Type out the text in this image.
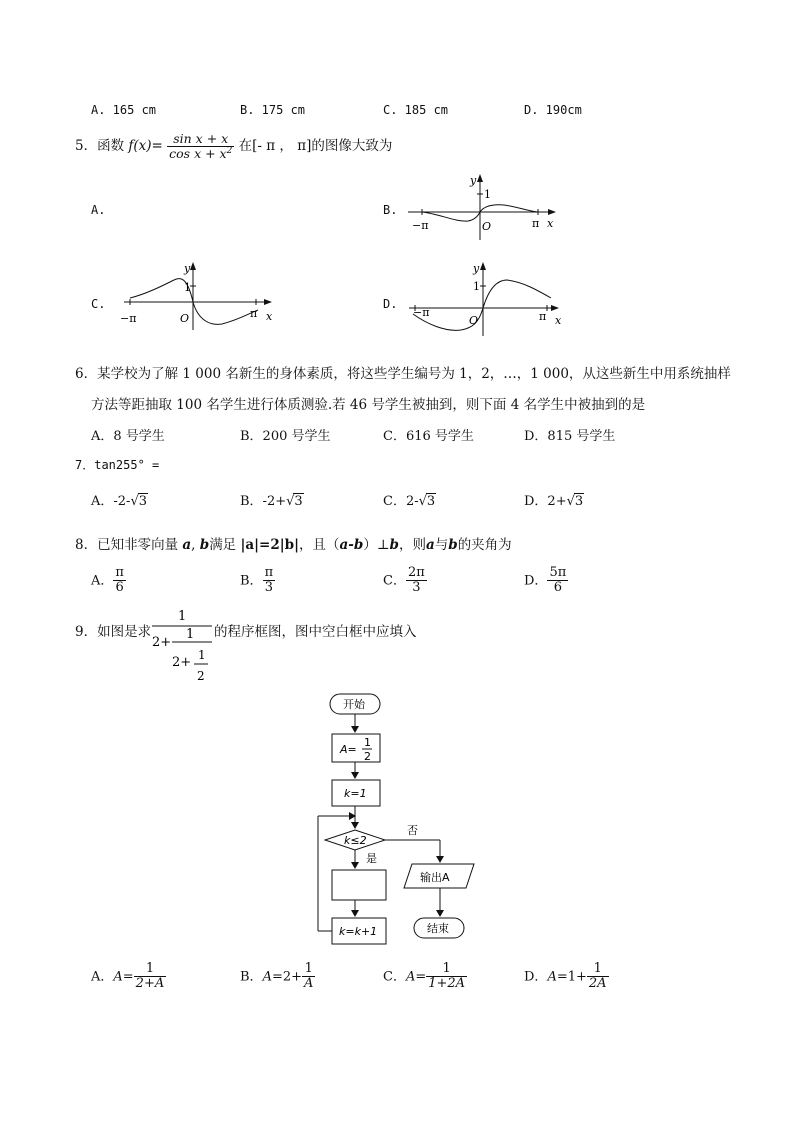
A. 165 cm	B. 175 cm	C. 185 cm	D. 190cm
5．函数 $f(x)= \frac{\text{sin x + x}}{\cos x + x^2}$ 在[- π ， π]的图像大致为
A.	B.
C.	D.
y
1
x
O
−π	π
y
1
x
O
−π	π
y
1
x
O
−π	π
6．某学校为了解 1 000 名新生的身体素质，将这些学生编号为 1，2，…，1 000，从这些新生中用系统抽样
方法等距抽取 100 名学生进行体质测验.若 46 号学生被抽到，则下面 4 名学生中被抽到的是
A．8 号学生	B．200 号学生	C．616 号学生	D．815 号学生
7．tan255° =
A．-2-√3	B．-2+√3	C．2-√3	D．2+√3
8．已知非零向量 a, b满足 |a|=2|b|，且（a-b）⊥b，则a与b的夹角为
A． $\frac{\pi}{6}$	B． $\frac{\pi}{3}$	C． $\frac{2\pi}{3}$	D． $\frac{5\pi}{6}$
9．如图是求
1
2+
1
2+ 1
2
的程序框图，图中空白框中应填入
开始
A=
1
2
k=1
k≤2
否
输出A
结束
是
k=k+1
A．$A= \frac{1}{2+A}$	B．$A=2+ \frac{1}{A}$	C．$A= \frac{1}{1+2A}$	D．$A=1+ \frac{1}{2A}$
